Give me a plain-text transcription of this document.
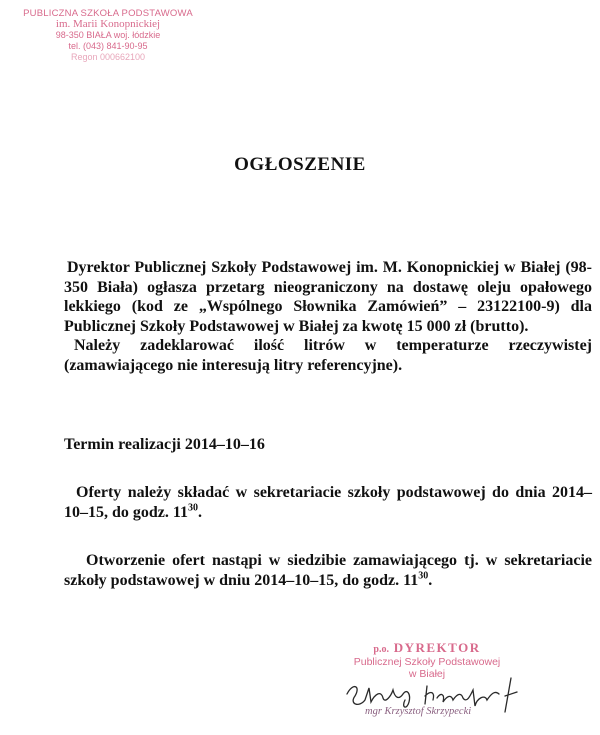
PUBLICZNA SZKOŁA PODSTAWOWA
im. Marii Konopnickiej
98-350 BIAŁA woj. łódzkie
tel. (043) 841-90-95
Regon 000662100
OGŁOSZENIE

Dyrektor Publicznej Szkoły Podstawowej im. M. Konopnickiej w Białej (98-350 Biała) ogłasza przetarg nieograniczony na dostawę oleju opałowego lekkiego (kod ze „Wspólnego Słownika Zamówień” – 23122100-9) dla Publicznej Szkoły Podstawowej w Białej za kwotę 15 000 zł (brutto).

Należy zadeklarować ilość litrów w temperaturze rzeczywistej (zamawiającego nie interesują litry referencyjne).

Termin realizacji 2014–10–16
Oferty należy składać w sekretariacie szkoły podstawowej do dnia 2014–10–15, do godz. $11^{30}$.
Otworzenie ofert nastąpi w siedzibie zamawiającego tj. w sekretariacie szkoły podstawowej w dniu 2014–10–15, do godz. $11^{30}$.
p.o. DYREKTOR
Publicznej Szkoły Podstawowej
w Białej
mgr Krzysztof Skrzypecki
